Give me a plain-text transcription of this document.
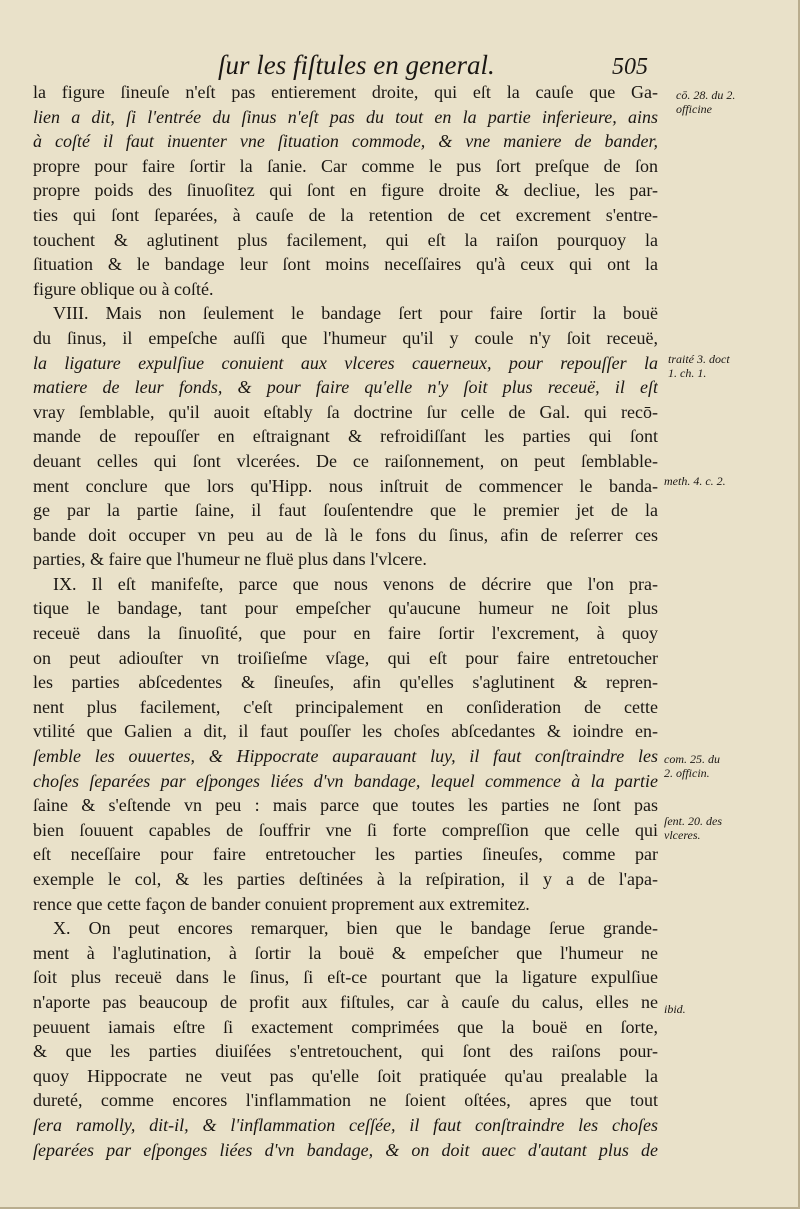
ſur les fiſtules en general.	505
la figure ſineuſe n'eſt pas entierement droite, qui eſt la cauſe que Ga-
lien a dit, ſi l'entrée du ſinus n'eſt pas du tout en la partie inferieure, ains
à coſté il faut inuenter vne ſituation commode, & vne maniere de bander,
propre pour faire ſortir la ſanie. Car comme le pus ſort preſque de ſon
propre poids des ſinuoſitez qui ſont en figure droite & decliue, les par-
ties qui ſont ſeparées, à cauſe de la retention de cet excrement s'entre-
touchent & aglutinent plus facilement, qui eſt la raiſon pourquoy la
ſituation & le bandage leur ſont moins neceſſaires qu'à ceux qui ont la
figure oblique ou à coſté.
VIII. Mais non ſeulement le bandage ſert pour faire ſortir la bouë
du ſinus, il empeſche auſſi que l'humeur qu'il y coule n'y ſoit receuë,
la ligature expulſiue conuient aux vlceres cauerneux, pour repouſſer la
matiere de leur fonds, & pour faire qu'elle n'y ſoit plus receuë, il eſt
vray ſemblable, qu'il auoit eſtably ſa doctrine ſur celle de Gal. qui recō-
mande de repouſſer en eſtraignant & refroidiſſant les parties qui ſont
deuant celles qui ſont vlcerées. De ce raiſonnement, on peut ſemblable-
ment conclure que lors qu'Hipp. nous inſtruit de commencer le banda-
ge par la partie ſaine, il faut ſouſentendre que le premier jet de la
bande doit occuper vn peu au de là le fons du ſinus, afin de reſerrer ces
parties, & faire que l'humeur ne fluë plus dans l'vlcere.
IX. Il eſt manifeſte, parce que nous venons de décrire que l'on pra-
tique le bandage, tant pour empeſcher qu'aucune humeur ne ſoit plus
receuë dans la ſinuoſité, que pour en faire ſortir l'excrement, à quoy
on peut adiouſter vn troiſieſme vſage, qui eſt pour faire entretoucher
les parties abſcedentes & ſineuſes, afin qu'elles s'aglutinent & repren-
nent plus facilement, c'eſt principalement en conſideration de cette
vtilité que Galien a dit, il faut pouſſer les choſes abſcedantes & ioindre en-
ſemble les ouuertes, & Hippocrate auparauant luy, il faut conſtraindre les
choſes ſeparées par eſponges liées d'vn bandage, lequel commence à la partie
ſaine & s'eſtende vn peu : mais parce que toutes les parties ne ſont pas
bien ſouuent capables de ſouffrir vne ſi forte compreſſion que celle qui
eſt neceſſaire pour faire entretoucher les parties ſineuſes, comme par
exemple le col, & les parties deſtinées à la reſpiration, il y a de l'apa-
rence que cette façon de bander conuient proprement aux extremitez.
X. On peut encores remarquer, bien que le bandage ſerue grande-
ment à l'aglutination, à ſortir la bouë & empeſcher que l'humeur ne
ſoit plus receuë dans le ſinus, ſi eſt-ce pourtant que la ligature expulſiue
n'aporte pas beaucoup de profit aux fiſtules, car à cauſe du calus, elles ne
peuuent iamais eſtre ſi exactement comprimées que la bouë en ſorte,
& que les parties diuiſées s'entretouchent, qui ſont des raiſons pour-
quoy Hippocrate ne veut pas qu'elle ſoit pratiquée qu'au prealable la
dureté, comme encores l'inflammation ne ſoient oſtées, apres que tout
ſera ramolly, dit-il, & l'inflammation ceſſée, il faut conſtraindre les choſes
ſeparées par eſponges liées d'vn bandage, & on doit auec d'autant plus de
cō. 28. du 2.
officine
traité 3. doct
1. ch. 1.
meth. 4. c. 2.
com. 25. du
2. officin.
ſent. 20. des
vlceres.
ibid.
